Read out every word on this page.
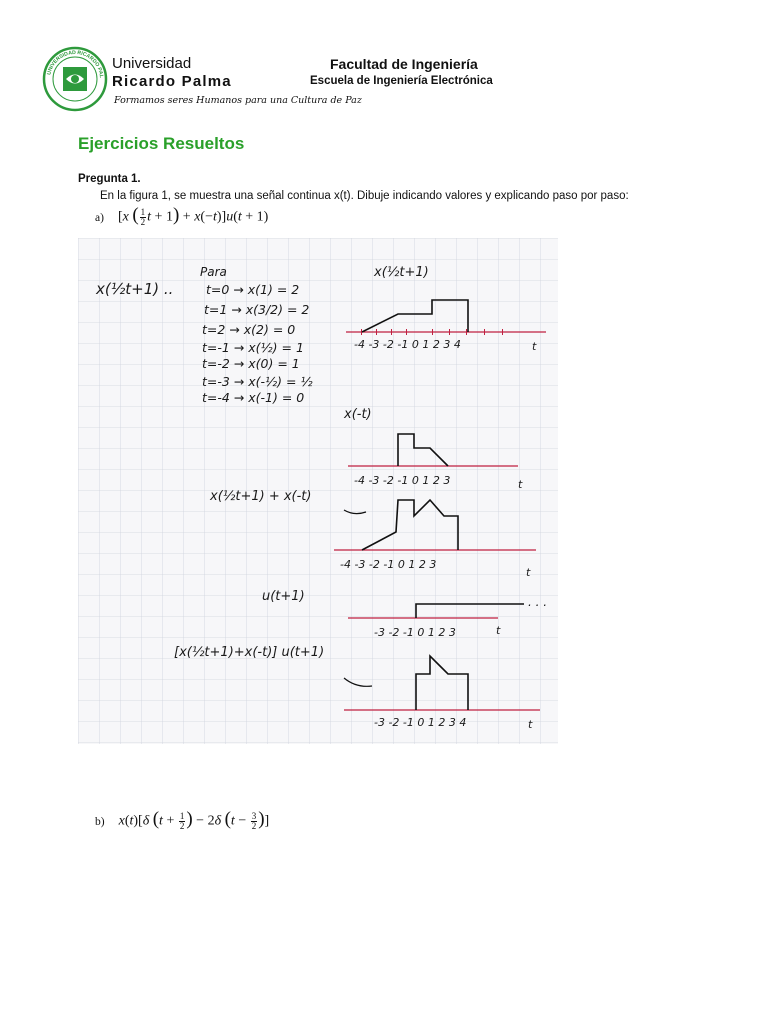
UNIVERSIDAD RICARDO PAL
Universidad
Ricardo Palma
Formamos seres Humanos para una Cultura de Paz
Facultad de Ingeniería
Escuela de Ingeniería Electrónica
Ejercicios Resueltos
Pregunta 1.
En la figura 1, se muestra una señal continua x(t). Dibuje indicando valores y explicando paso por paso:
a) [x ( $\frac{1}{2}$ t + 1) + x(−t)]u(t + 1)
x(½t+1) ..
Para
t=0 → x(1) = 2
t=1 → x(3/2) = 2
t=2 → x(2) = 0
t=-1 → x(½) = 1
t=-2 → x(0) = 1
t=-3 → x(-½) = ½
t=-4 → x(-1) = 0
x(½t+1)
-4 -3 -2 -1 0 1 2 3 4	t
x(-t)
-4 -3 -2 -1 0 1 2 3	t
x(½t+1) + x(-t)
-4 -3 -2 -1 0 1 2 3
t
u(t+1)
-3 -2 -1 0 1 2 3	t
. . .
[x(½t+1)+x(-t)] u(t+1)
-3 -2 -1 0 1 2 3 4	t
b) x(t)[δ ($t + \frac{1}{2}$ ) − 2δ ($t - \frac{3}{2}$ )]
